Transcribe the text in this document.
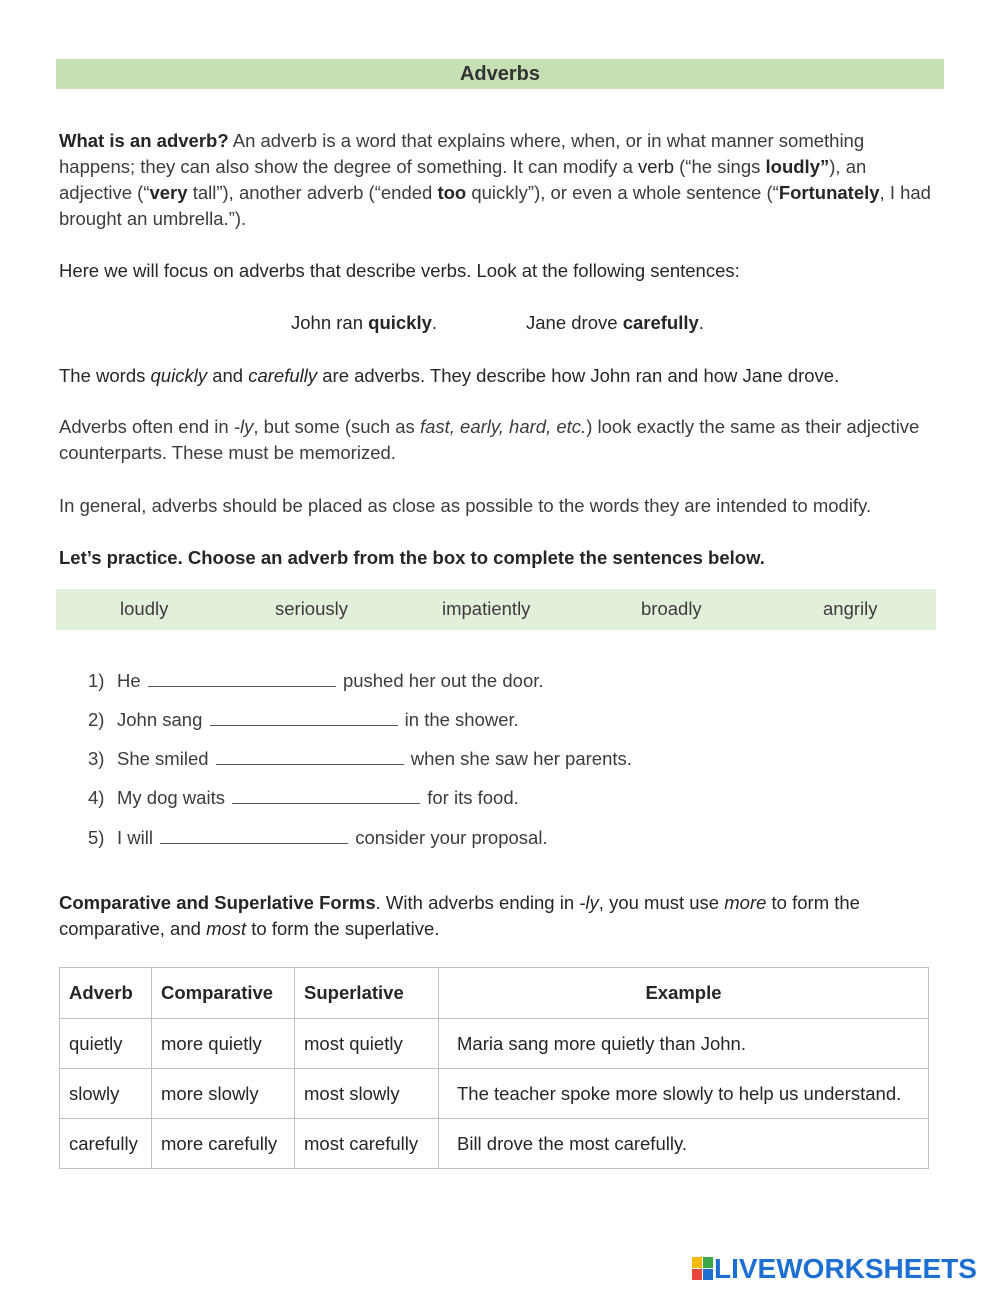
Adverbs
What is an adverb? An adverb is a word that explains where, when, or in what manner something happens; they can also show the degree of something. It can modify a verb (“he sings loudly”), an adjective (“very tall”), another adverb (“ended too quickly”), or even a whole sentence (“Fortunately, I had brought an umbrella.”).
Here we will focus on adverbs that describe verbs. Look at the following sentences:
John ran quickly.	Jane drove carefully.
The words quickly and carefully are adverbs. They describe how John ran and how Jane drove.
Adverbs often end in -ly, but some (such as fast, early, hard, etc.) look exactly the same as their adjective counterparts. These must be memorized.
In general, adverbs should be placed as close as possible to the words they are intended to modify.
Let’s practice. Choose an adverb from the box to complete the sentences below.
loudly	seriously	impatiently	broadly	angrily
1) He	pushed her out the door.
2) John sang	in the shower.
3) She smiled	when she saw her parents.
4) My dog waits	for its food.
5) I will	consider your proposal.
Comparative and Superlative Forms. With adverbs ending in -ly, you must use more to form the comparative, and most to form the superlative.
Adverb	Comparative	Superlative	Example
quietly	more quietly	most quietly	Maria sang more quietly than John.
slowly	more slowly	most slowly	The teacher spoke more slowly to help us understand.
carefully	more carefully	most carefully	Bill drove the most carefully.
LIVEWORKSHEETS
